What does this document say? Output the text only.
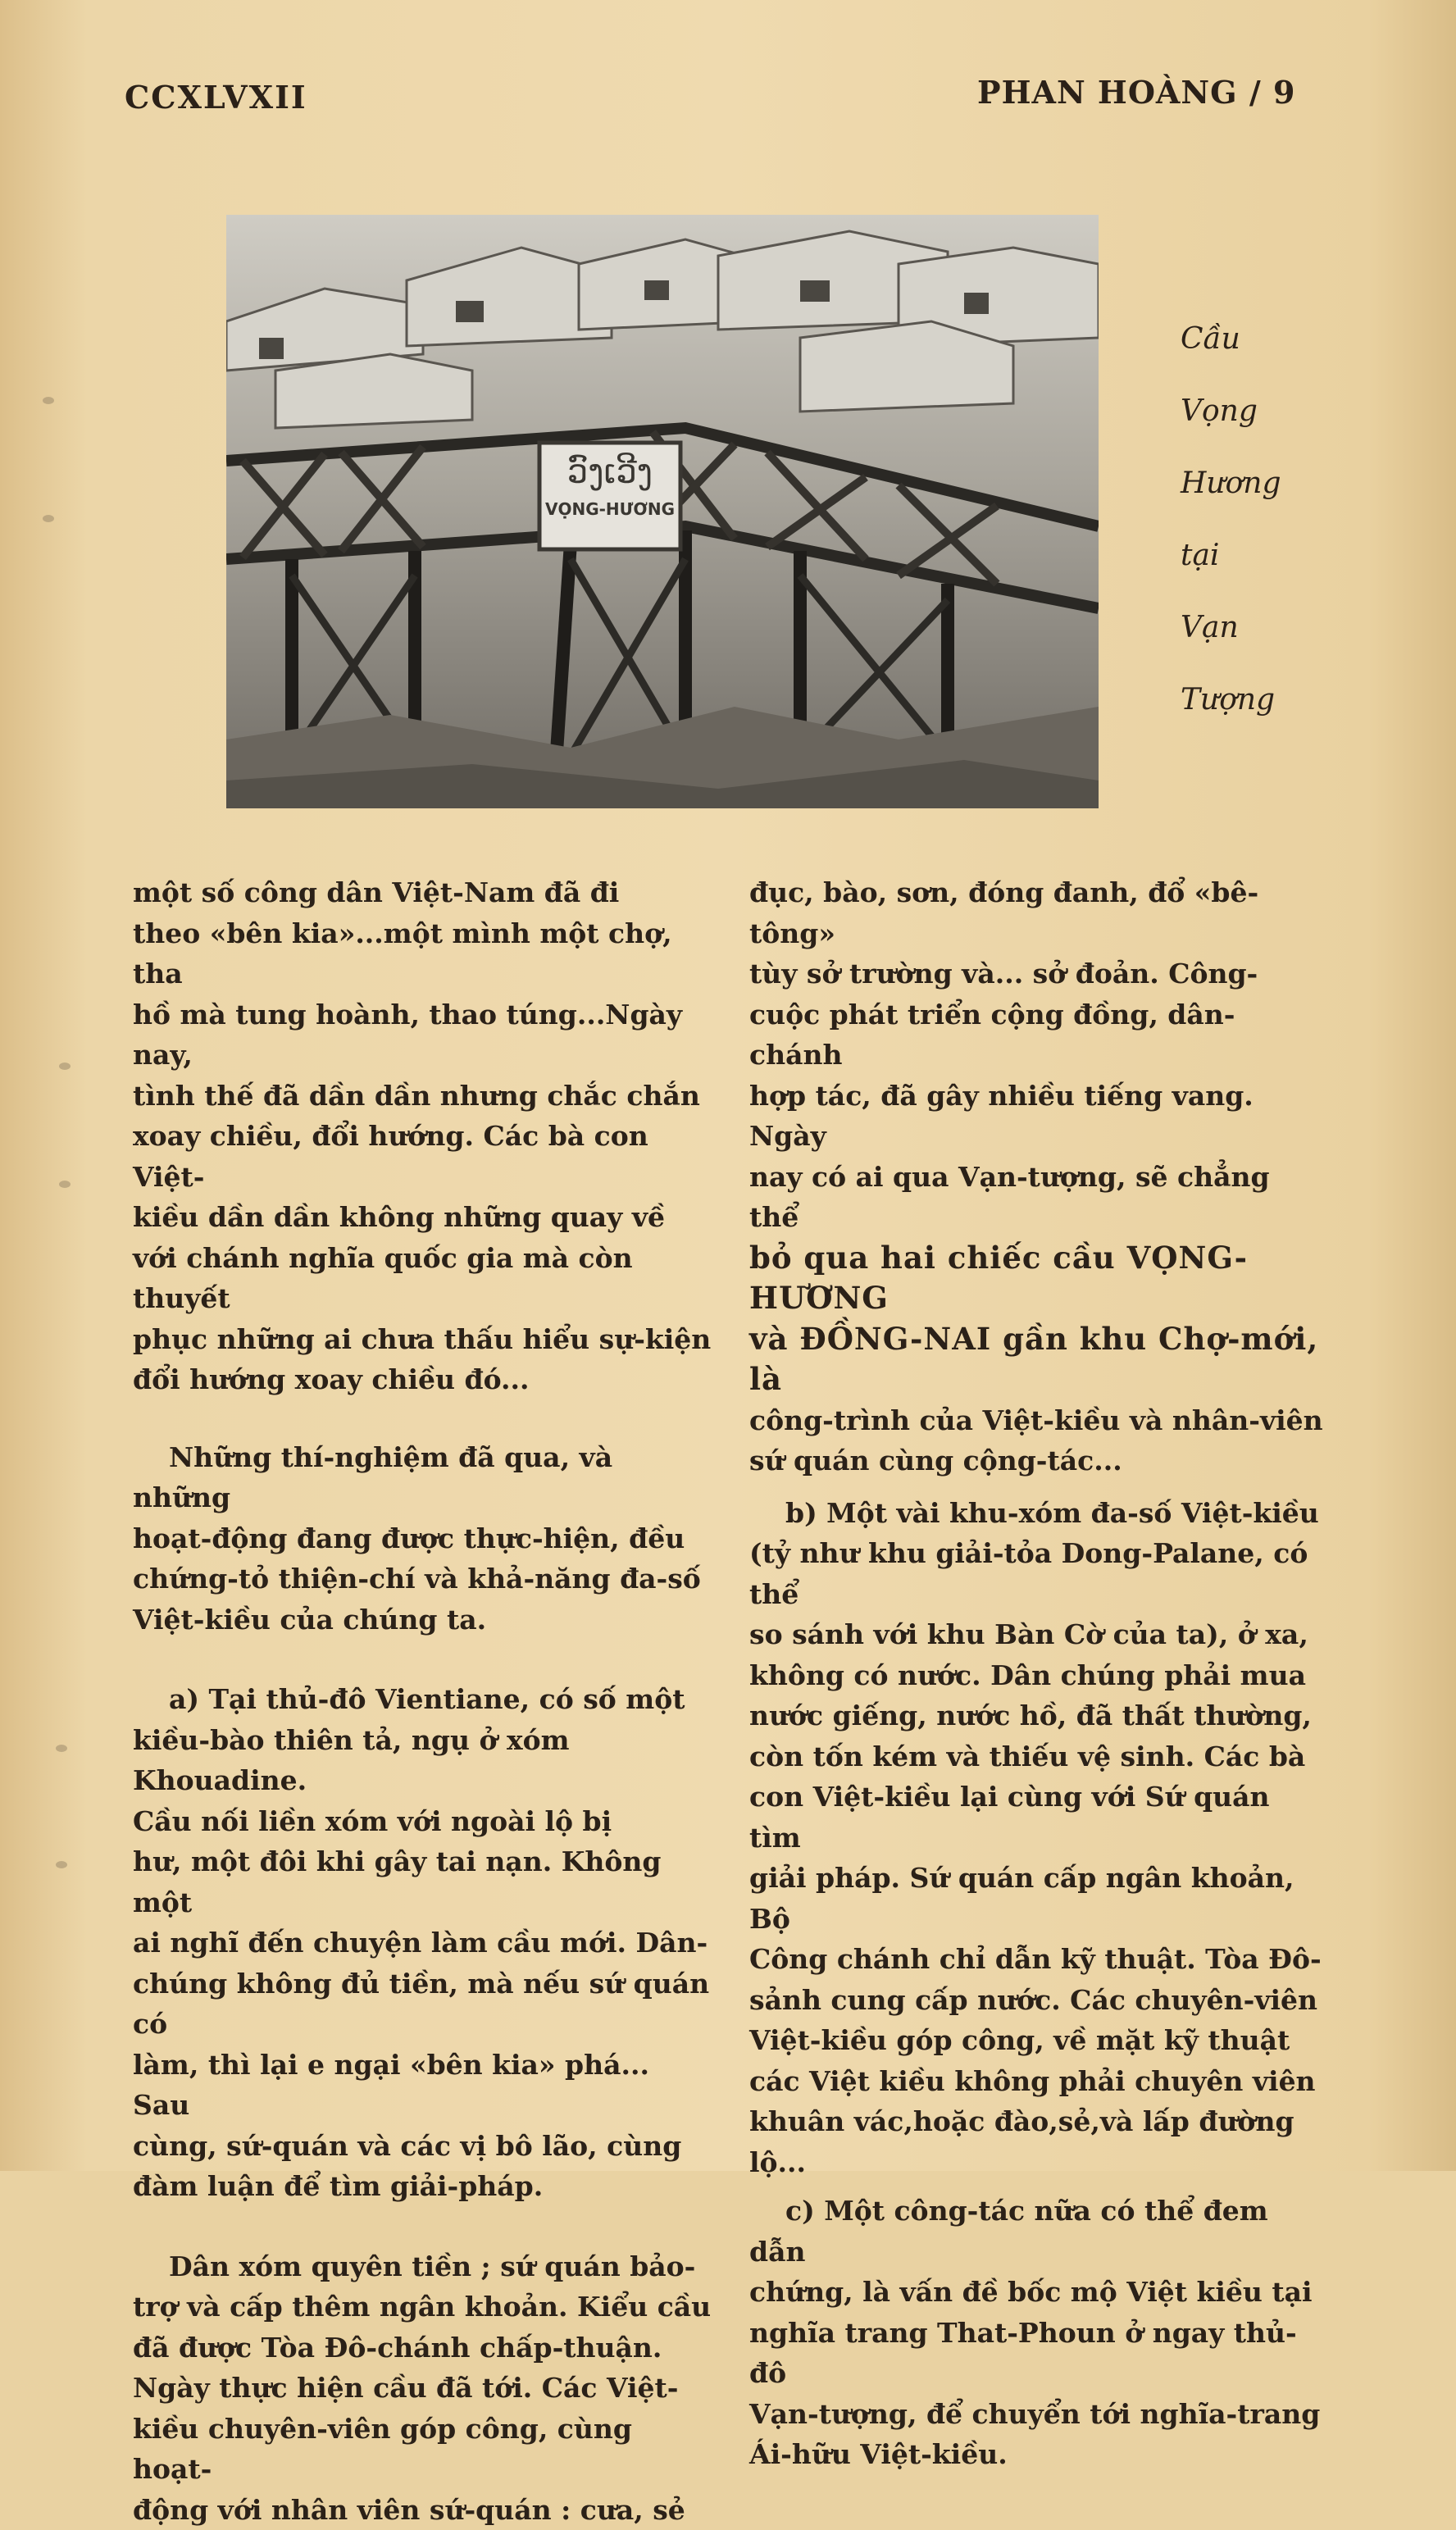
CCXLVXII	PHAN HOÀNG / 9
ວົງເວີງ
VỌNG-HƯƠNG
Cầu
Vọng
Hương
tại
Vạn
Tượng

một số công dân Việt-Nam đã đi

theo «bên kia»...một mình một chợ, tha

hồ mà tung hoành, thao túng...Ngày nay,

tình thế đã dần dần nhưng chắc chắn

xoay chiều, đổi hướng. Các bà con Việt-

kiều dần dần không những quay về

với chánh nghĩa quốc gia mà còn thuyết

phục những ai chưa thấu hiểu sự-kiện

đổi hướng xoay chiều đó...

Những thí-nghiệm đã qua, và những

hoạt-động đang được thực-hiện, đều

chứng-tỏ thiện-chí và khả-năng đa-số

Việt-kiều của chúng ta.

a) Tại thủ-đô Vientiane, có số một

kiều-bào thiên tả, ngụ ở xóm Khouadine.

Cầu nối liền xóm với ngoài lộ bị

hư, một đôi khi gây tai nạn. Không một

ai nghĩ đến chuyện làm cầu mới. Dân-

chúng không đủ tiền, mà nếu sứ quán có

làm, thì lại e ngại «bên kia» phá... Sau

cùng, sứ-quán và các vị bô lão, cùng

đàm luận để tìm giải-pháp.

Dân xóm quyên tiền ; sứ quán bảo-

trợ và cấp thêm ngân khoản. Kiểu cầu

đã được Tòa Đô-chánh chấp-thuận.

Ngày thực hiện cầu đã tới. Các Việt-

kiều chuyên-viên góp công, cùng hoạt-

động với nhân viên sứ-quán : cưa, sẻ

đục, bào, sơn, đóng đanh, đổ «bê-tông»

tùy sở trường và... sở đoản. Công-

cuộc phát triển cộng đồng, dân-chánh

hợp tác, đã gây nhiều tiếng vang. Ngày

nay có ai qua Vạn-tượng, sẽ chẳng thể

bỏ qua hai chiếc cầu VỌNG-HƯƠNG

và ĐỒNG-NAI gần khu Chợ-mới, là

công-trình của Việt-kiều và nhân-viên

sứ quán cùng cộng-tác...

b) Một vài khu-xóm đa-số Việt-kiều

(tỷ như khu giải-tỏa Dong-Palane, có thể

so sánh với khu Bàn Cờ của ta), ở xa,

không có nước. Dân chúng phải mua

nước giếng, nước hồ, đã thất thường,

còn tốn kém và thiếu vệ sinh. Các bà

con Việt-kiều lại cùng với Sứ quán tìm

giải pháp. Sứ quán cấp ngân khoản, Bộ

Công chánh chỉ dẫn kỹ thuật. Tòa Đô-

sảnh cung cấp nước. Các chuyên-viên

Việt-kiều góp công, về mặt kỹ thuật

các Việt kiều không phải chuyên viên

khuân vác,hoặc đào,sẻ,và lấp đường lộ...

c) Một công-tác nữa có thể đem dẫn

chứng, là vấn đề bốc mộ Việt kiều tại

nghĩa trang That-Phoun ở ngay thủ-đô

Vạn-tượng, để chuyển tới nghĩa-trang

Ái-hữu Việt-kiều.
